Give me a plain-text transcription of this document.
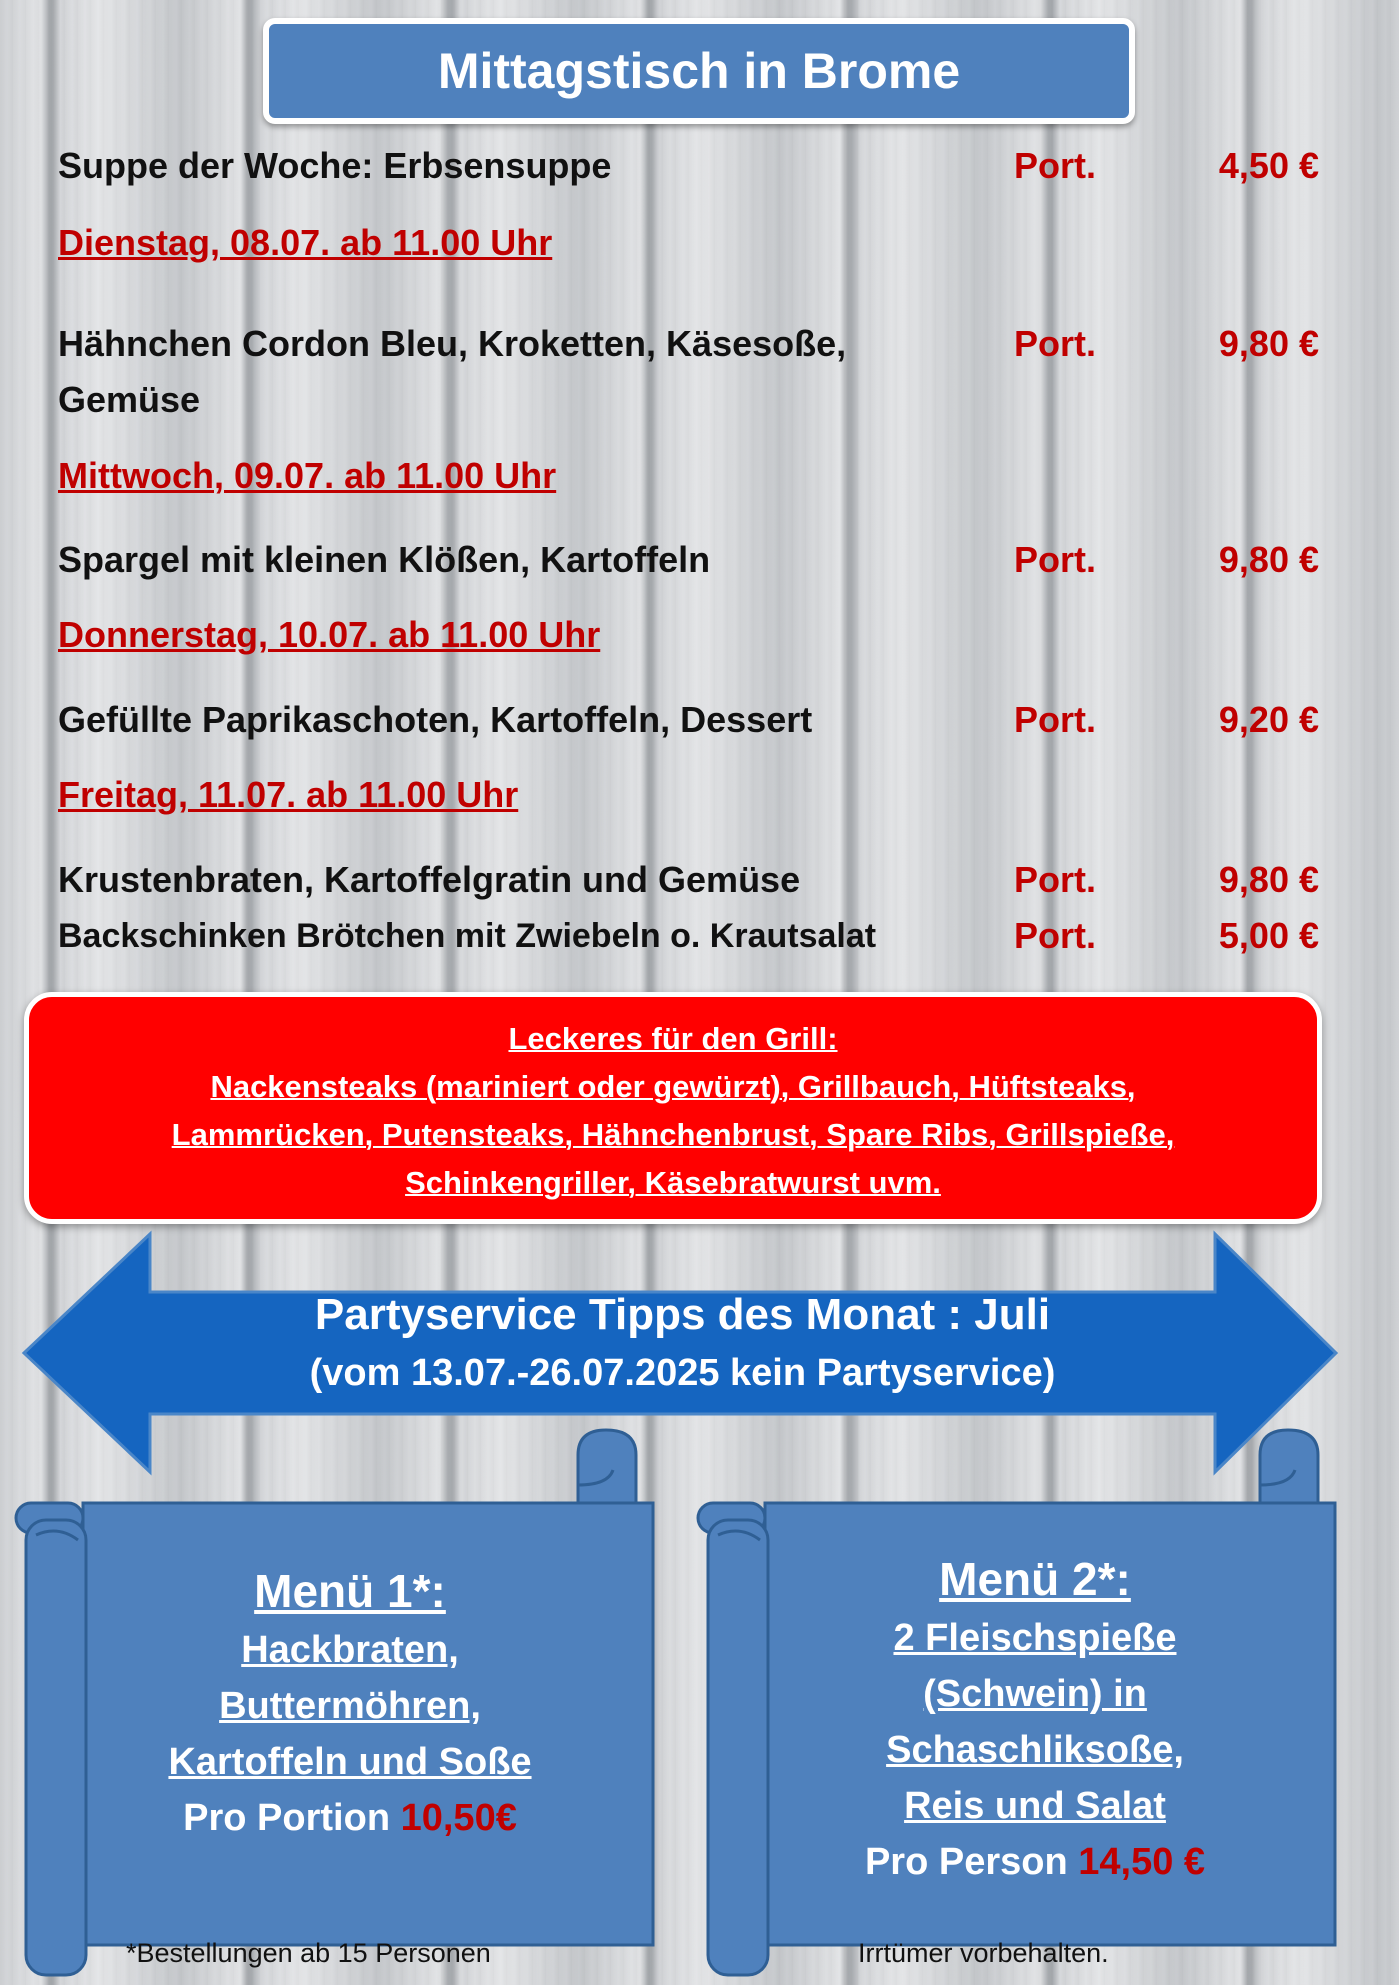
Mittagstisch in Brome
Suppe der Woche: Erbsensuppe	Port.	4,50 €
Dienstag, 08.07. ab 11.00 Uhr
Hähnchen Cordon Bleu, Kroketten, Käsesoße,	Port.	9,80 €
Gemüse
Mittwoch, 09.07. ab 11.00 Uhr
Spargel mit kleinen Klößen, Kartoffeln	Port.	9,80 €
Donnerstag, 10.07. ab 11.00 Uhr
Gefüllte Paprikaschoten, Kartoffeln, Dessert	Port.	9,20 €
Freitag, 11.07. ab 11.00 Uhr
Krustenbraten, Kartoffelgratin und Gemüse	Port.	9,80 €
Backschinken Brötchen mit Zwiebeln o. Krautsalat	Port.	5,00 €
Leckeres für den Grill:
Nackensteaks (mariniert oder gewürzt), Grillbauch, Hüftsteaks,
Lammrücken, Putensteaks, Hähnchenbrust, Spare Ribs, Grillspieße,
Schinkengriller, Käsebratwurst uvm.
Partyservice Tipps des Monat : Juli
(vom 13.07.-26.07.2025 kein Partyservice)
Menü 1*:
Hackbraten,
Buttermöhren,
Kartoffeln und Soße
Pro Portion 10,50€
Menü 2*:
2 Fleischspieße
(Schwein) in
Schaschliksoße,
Reis und Salat
Pro Person 14,50 €
*Bestellungen ab 15 Personen	Irrtümer vorbehalten.
